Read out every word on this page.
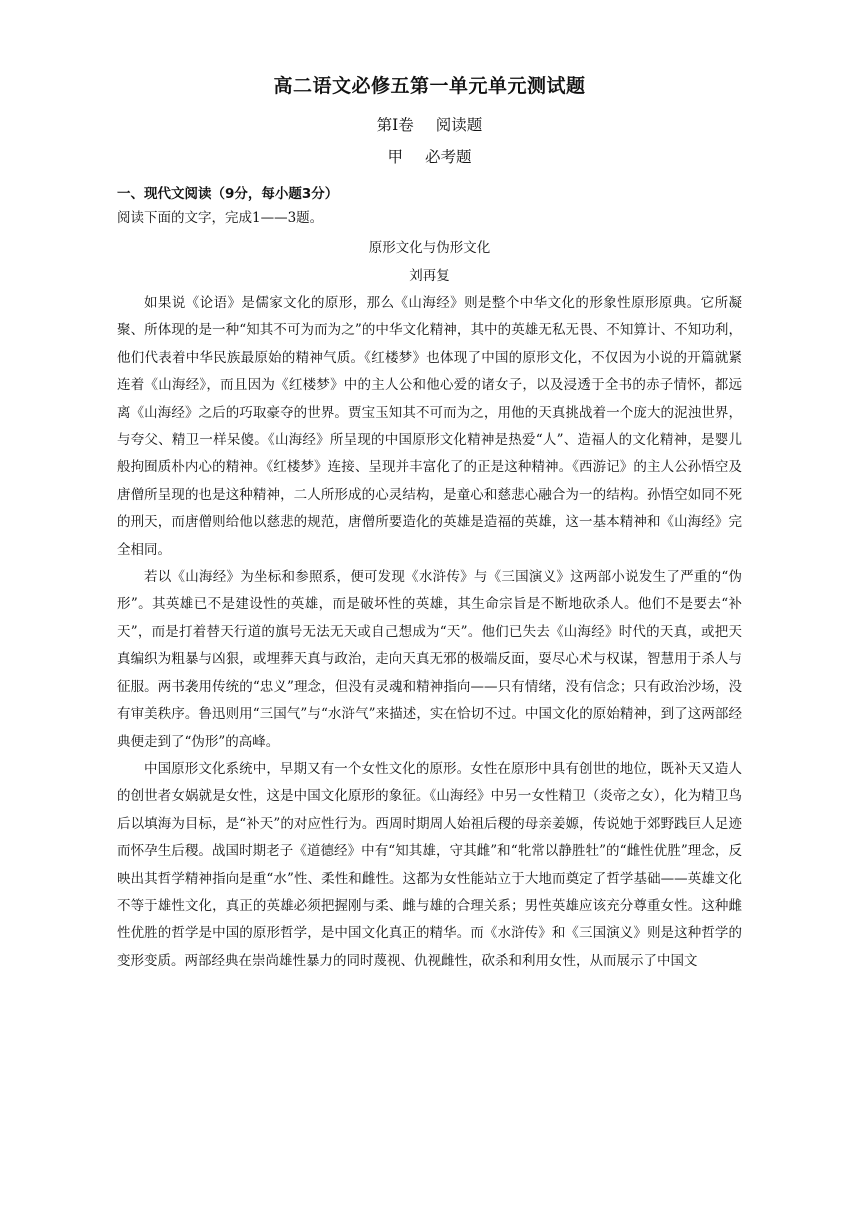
高二语文必修五第一单元单元测试题
第Ⅰ卷 阅读题
甲 必考题

一、现代文阅读（9分，每小题3分）

阅读下面的文字，完成1——3题。

原形文化与伪形文化

刘再复

如果说《论语》是儒家文化的原形，那么《山海经》则是整个中华文化的形象性原形原典。它所凝聚、所体现的是一种“知其不可为而为之”的中华文化精神，其中的英雄无私无畏、不知算计、不知功利，他们代表着中华民族最原始的精神气质。《红楼梦》也体现了中国的原形文化，不仅因为小说的开篇就紧连着《山海经》，而且因为《红楼梦》中的主人公和他心爱的诸女子，以及浸透于全书的赤子情怀，都远离《山海经》之后的巧取豪夺的世界。贾宝玉知其不可而为之，用他的天真挑战着一个庞大的泥浊世界，与夸父、精卫一样呆傻。《山海经》所呈现的中国原形文化精神是热爱“人”、造福人的文化精神，是婴儿般拘囿质朴内心的精神。《红楼梦》连接、呈现并丰富化了的正是这种精神。《西游记》的主人公孙悟空及唐僧所呈现的也是这种精神，二人所形成的心灵结构，是童心和慈悲心融合为一的结构。孙悟空如同不死的刑天，而唐僧则给他以慈悲的规范，唐僧所要造化的英雄是造福的英雄，这一基本精神和《山海经》完全相同。

若以《山海经》为坐标和参照系，便可发现《水浒传》与《三国演义》这两部小说发生了严重的“伪形”。其英雄已不是建设性的英雄，而是破坏性的英雄，其生命宗旨是不断地砍杀人。他们不是要去“补天”，而是打着替天行道的旗号无法无天或自己想成为“天”。他们已失去《山海经》时代的天真，或把天真编织为粗暴与凶狠，或埋葬天真与政治，走向天真无邪的极端反面，耍尽心术与权谋，智慧用于杀人与征服。两书袭用传统的“忠义”理念，但没有灵魂和精神指向——只有情绪，没有信念；只有政治沙场，没有审美秩序。鲁迅则用“三国气”与“水浒气”来描述，实在恰切不过。中国文化的原始精神，到了这两部经典便走到了“伪形”的高峰。

中国原形文化系统中，早期又有一个女性文化的原形。女性在原形中具有创世的地位，既补天又造人的创世者女娲就是女性，这是中国文化原形的象征。《山海经》中另一女性精卫（炎帝之女），化为精卫鸟后以填海为目标，是“补天”的对应性行为。西周时期周人始祖后稷的母亲姜嫄，传说她于郊野践巨人足迹而怀孕生后稷。战国时期老子《道德经》中有“知其雄，守其雌”和“牝常以静胜牡”的“雌性优胜”理念，反映出其哲学精神指向是重“水”性、柔性和雌性。这都为女性能站立于大地而奠定了哲学基础——英雄文化不等于雄性文化，真正的英雄必须把握刚与柔、雌与雄的合理关系；男性英雄应该充分尊重女性。这种雌性优胜的哲学是中国的原形哲学，是中国文化真正的精华。而《水浒传》和《三国演义》则是这种哲学的变形变质。两部经典在崇尚雄性暴力的同时蔑视、仇视雌性，砍杀和利用女性，从而展示了中国文
